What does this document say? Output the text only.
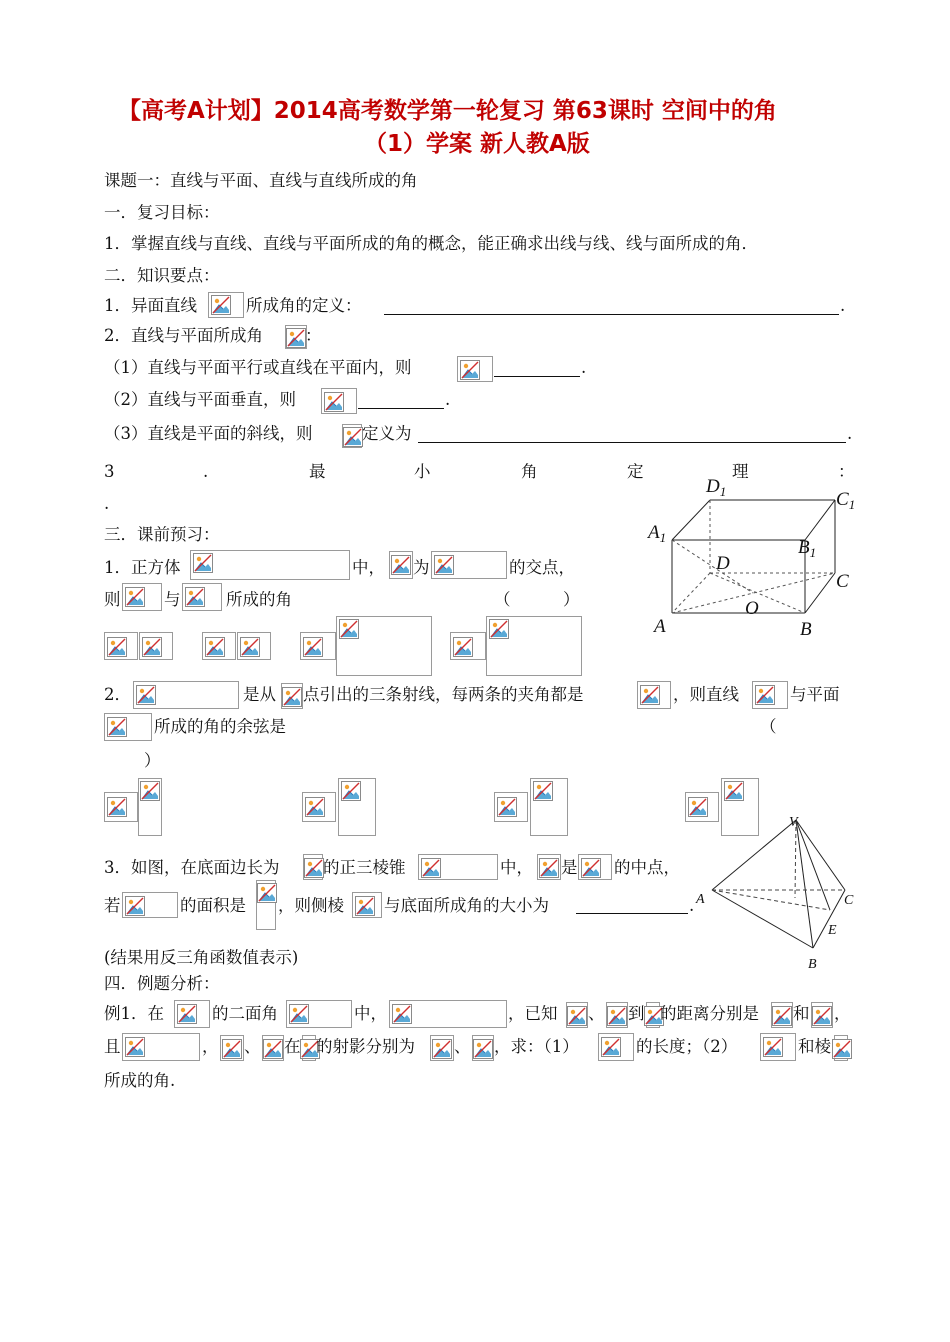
【高考A计划】2014高考数学第一轮复习 第63课时 空间中的角
（1）学案 新人教A版
课题一：直线与平面、直线与直线所成的角
一．复习目标：
1．掌握直线与直线、直线与平面所成的角的概念，能正确求出线与线、线与面所成的角．
二．知识要点：
1．异面直线	所成角的定义：	.
2．直线与平面所成角	：
（1）直线与平面平行或直线在平面内，则	.
（2）直线与平面垂直，则	.
（3）直线是平面的斜线，则	定义为	.
3	.	最	小	角	定	理	：
.
$D_1$	$C_1$
$A_1$	$B_1$
D
C
O
A	B
三．课前预习：
1．正方体	中， 为	的交点，
则	与	所成的角	（	）
2．	是从 点引出的三条射线，每两条的夹角都是	，则直线	与平面
所成的角的余弦是	（
）
V
A	C
E
B
3．如图，在底面边长为	的正三棱锥	中， 是 的中点，
若	的面积是 ，则侧棱 与底面所成角的大小为	.
(结果用反三角函数值表示)
四．例题分析：
例1．在	的二面角	中，	，已知 、 到 的距离分别是 和 ，
且	， 、 在 的射影分别为 、 ，求：（1）	的长度；（2）	和棱
所成的角.
